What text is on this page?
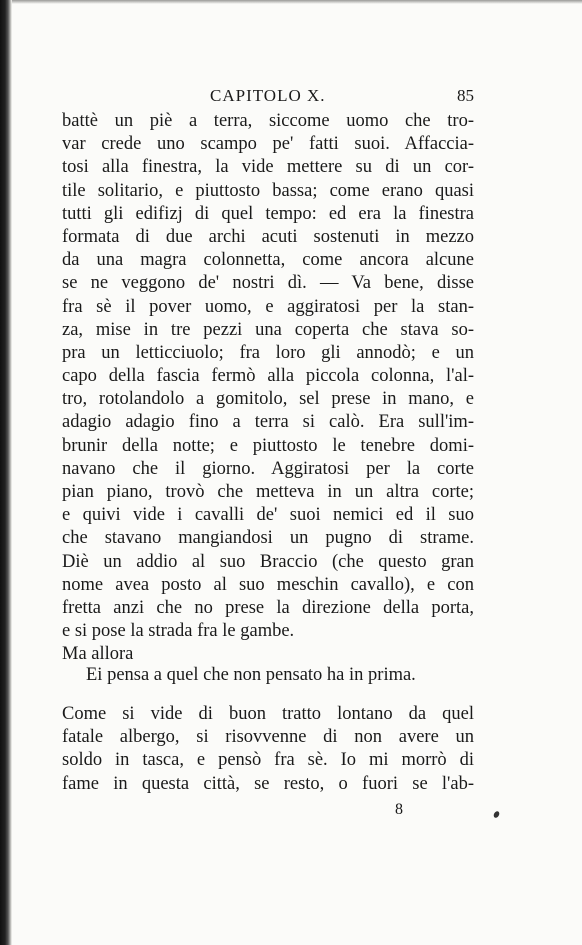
CAPITOLO X.	85
battè un piè a terra, siccome uomo che tro-
var crede uno scampo pe' fatti suoi. Affaccia-
tosi alla finestra, la vide mettere su di un cor-
tile solitario, e piuttosto bassa; come erano quasi
tutti gli edifizj di quel tempo: ed era la finestra
formata di due archi acuti sostenuti in mezzo
da una magra colonnetta, come ancora alcune
se ne veggono de' nostri dì. — Va bene, disse
fra sè il pover uomo, e aggiratosi per la stan-
za, mise in tre pezzi una coperta che stava so-
pra un letticciuolo; fra loro gli annodò; e un
capo della fascia fermò alla piccola colonna, l'al-
tro, rotolandolo a gomitolo, sel prese in mano, e
adagio adagio fino a terra si calò. Era sull'im-
brunir della notte; e piuttosto le tenebre domi-
navano che il giorno. Aggiratosi per la corte
pian piano, trovò che metteva in un altra corte;
e quivi vide i cavalli de' suoi nemici ed il suo
che stavano mangiandosi un pugno di strame.
Diè un addio al suo Braccio (che questo gran
nome avea posto al suo meschin cavallo), e con
fretta anzi che no prese la direzione della porta,
e si pose la strada fra le gambe.
Ma allora
Ei pensa a quel che non pensato ha in prima.
Come si vide di buon tratto lontano da quel
fatale albergo, si risovvenne di non avere un
soldo in tasca, e pensò fra sè. Io mi morrò di
fame in questa città, se resto, o fuori se l'ab-
8
